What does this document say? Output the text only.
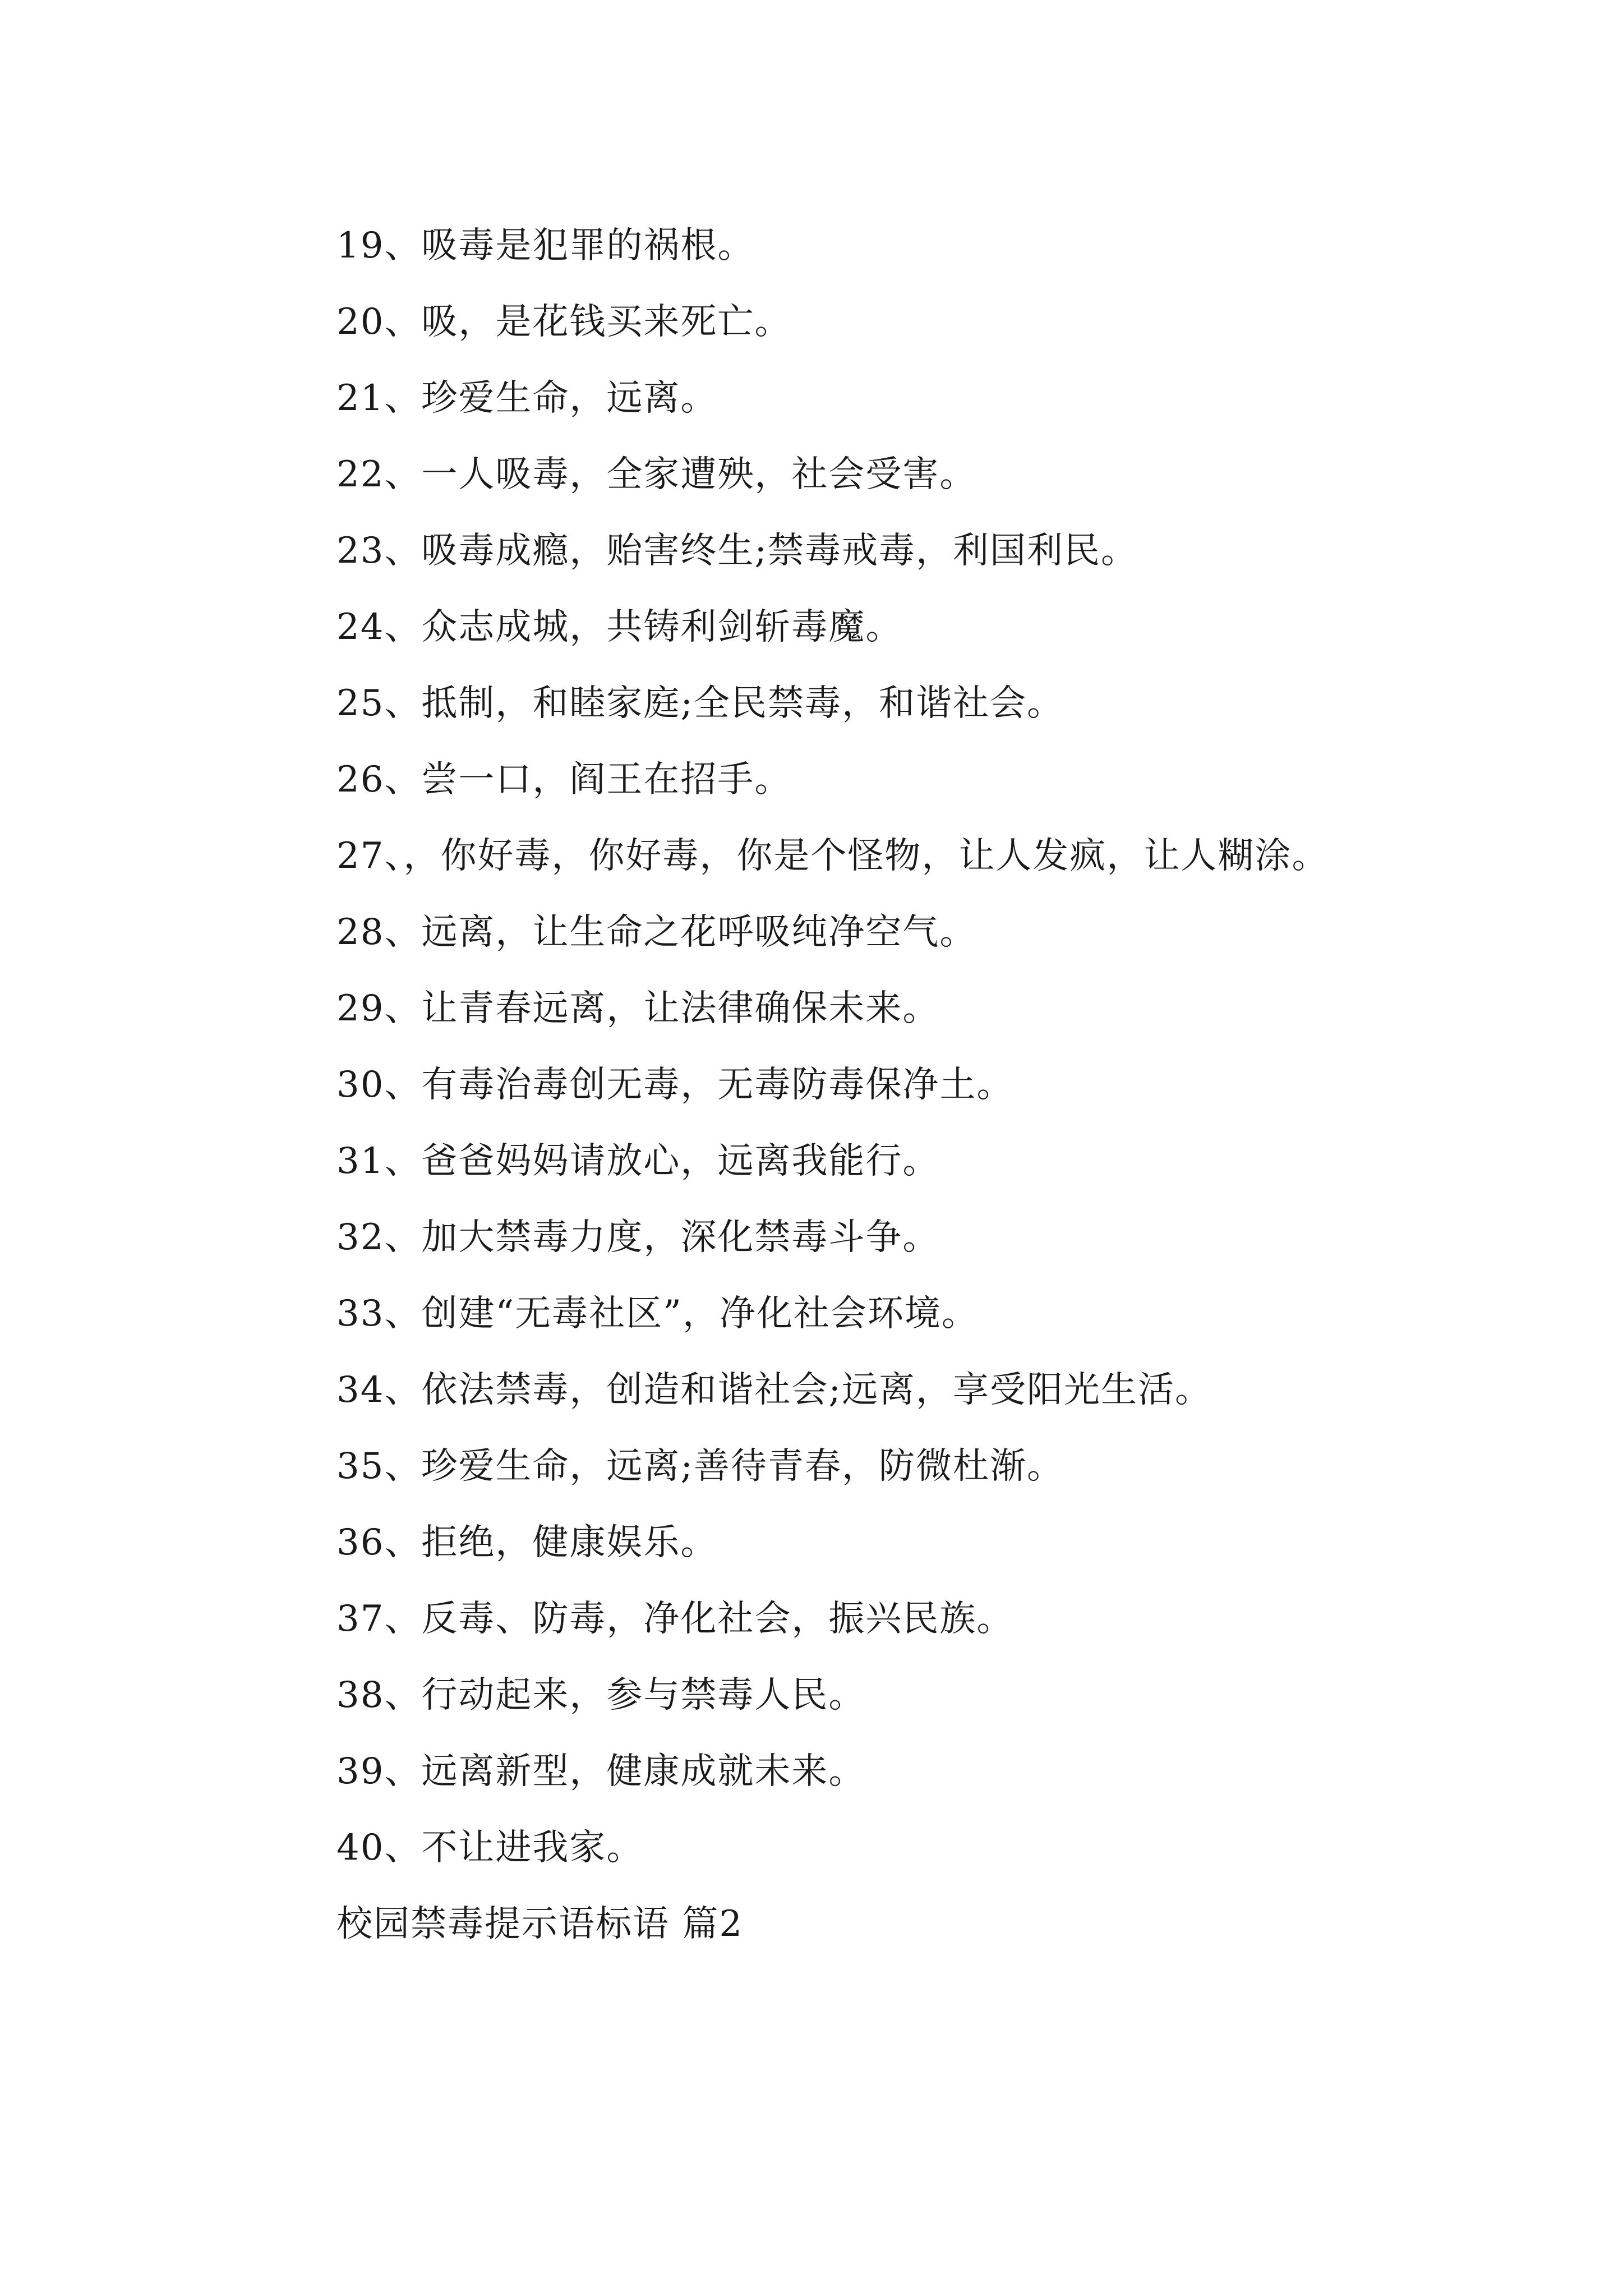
19、吸毒是犯罪的祸根。

20、吸，是花钱买来死亡。

21、珍爱生命，远离。

22、一人吸毒，全家遭殃，社会受害。

23、吸毒成瘾，贻害终生;禁毒戒毒，利国利民。

24、众志成城，共铸利剑斩毒魔。

25、抵制，和睦家庭;全民禁毒，和谐社会。

26、尝一口，阎王在招手。

27、，你好毒，你好毒，你是个怪物，让人发疯，让人糊涂。

28、远离，让生命之花呼吸纯净空气。

29、让青春远离，让法律确保未来。

30、有毒治毒创无毒，无毒防毒保净土。

31、爸爸妈妈请放心，远离我能行。

32、加大禁毒力度，深化禁毒斗争。

33、创建“无毒社区”，净化社会环境。

34、依法禁毒，创造和谐社会;远离，享受阳光生活。

35、珍爱生命，远离;善待青春，防微杜渐。

36、拒绝，健康娱乐。

37、反毒、防毒，净化社会，振兴民族。

38、行动起来，参与禁毒人民。

39、远离新型，健康成就未来。

40、不让进我家。

校园禁毒提示语标语 篇2
